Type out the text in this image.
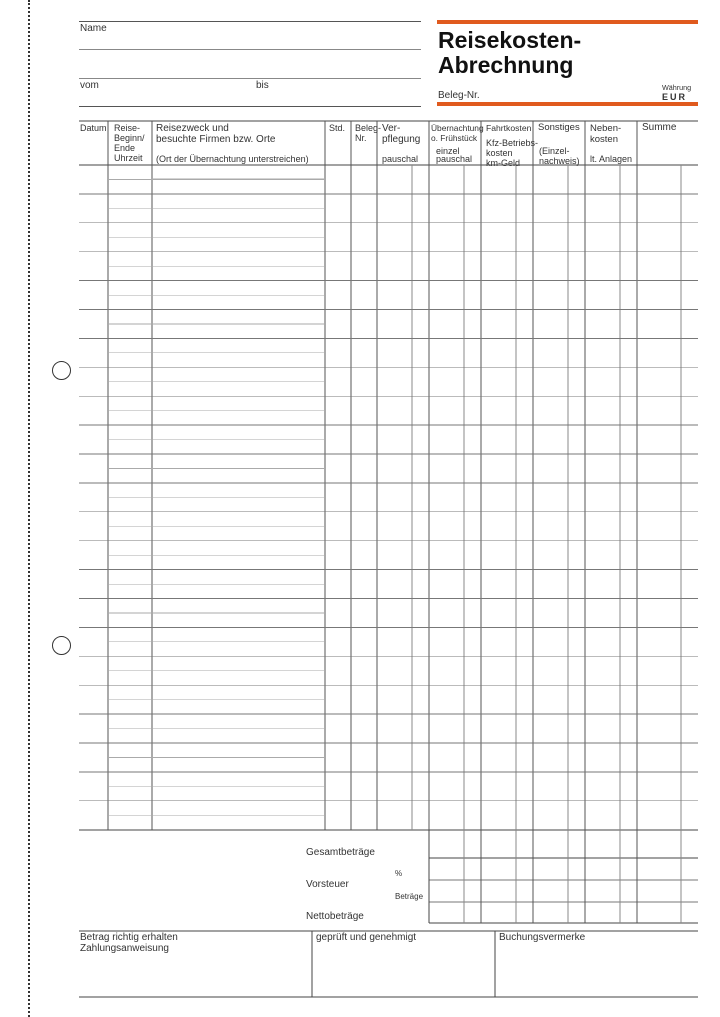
Name
vom	bis
Reisekosten-
Abrechnung
Beleg-Nr.
Währung
EUR
Datum Reise-
Beginn/
Ende
Uhrzeit
Reisezweck und
besuchte Firmen bzw. Orte
(Ort der Übernachtung unterstreichen)
Std. Beleg-
Nr.
Ver-
pflegung
pauschal
Übernachtung
o. Frühstück
einzel
pauschal
Fahrtkosten
Kfz-Betriebs-
kosten
km-Geld
Sonstiges
(Einzel-
nachweis)
Neben-
kosten
lt. Anlagen
Summe
Gesamtbeträge
%
Vorsteuer
Beträge
Nettobeträge
Betrag richtig erhalten
Zahlungsanweisung
geprüft und genehmigt	Buchungsvermerke
